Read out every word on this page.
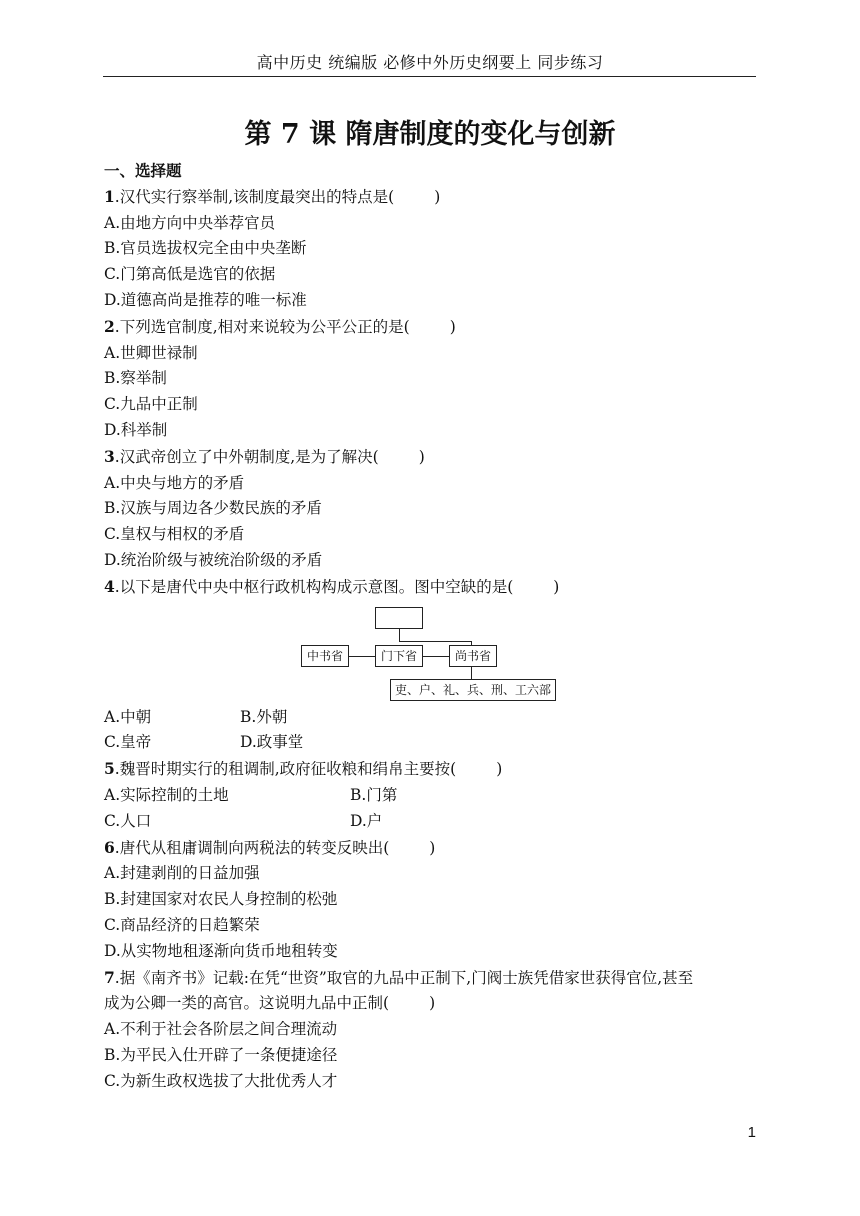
高中历史 统编版 必修中外历史纲要上 同步练习
第 7 课 隋唐制度的变化与创新
一、选择题
1.汉代实行察举制,该制度最突出的特点是(	)
A.由地方向中央举荐官员
B.官员选拔权完全由中央垄断
C.门第高低是选官的依据
D.道德高尚是推荐的唯一标准
2.下列选官制度,相对来说较为公平公正的是(	)
A.世卿世禄制
B.察举制
C.九品中正制
D.科举制
3.汉武帝创立了中外朝制度,是为了解决(	)
A.中央与地方的矛盾
B.汉族与周边各少数民族的矛盾
C.皇权与相权的矛盾
D.统治阶级与被统治阶级的矛盾
4.以下是唐代中央中枢行政机构构成示意图。图中空缺的是(	)
中书省	门下省	尚书省
吏、户、礼、兵、刑、工六部
A.中朝	B.外朝
C.皇帝	D.政事堂
5.魏晋时期实行的租调制,政府征收粮和绢帛主要按(	)
A.实际控制的土地	B.门第
C.人口	D.户
6.唐代从租庸调制向两税法的转变反映出(	)
A.封建剥削的日益加强
B.封建国家对农民人身控制的松弛
C.商品经济的日趋繁荣
D.从实物地租逐渐向货币地租转变
7.据《南齐书》记载:在凭“世资”取官的九品中正制下,门阀士族凭借家世获得官位,甚至
成为公卿一类的高官。这说明九品中正制(	)
A.不利于社会各阶层之间合理流动
B.为平民入仕开辟了一条便捷途径
C.为新生政权选拔了大批优秀人才
1
